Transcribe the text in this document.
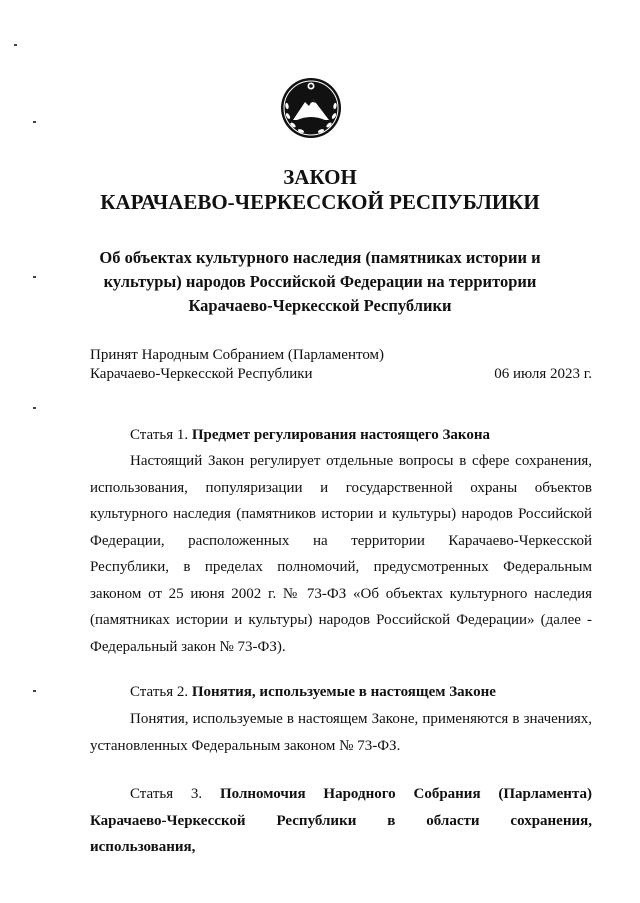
ЗАКОН
КАРАЧАЕВО-ЧЕРКЕССКОЙ РЕСПУБЛИКИ
Об объектах культурного наследия (памятниках истории и культуры) народов Российской Федерации на территории Карачаево-Черкесской Республики
Принят Народным Собранием (Парламентом)
Карачаево-Черкесской Республики	06 июля 2023 г.
Статья 1. Предмет регулирования настоящего Закона
Настоящий Закон регулирует отдельные вопросы в сфере сохранения, использования, популяризации и государственной охраны объектов культурного наследия (памятников истории и культуры) народов Российской Федерации, расположенных на территории Карачаево-Черкесской Республики, в пределах полномочий, предусмотренных Федеральным законом от 25 июня 2002 г. № 73-ФЗ «Об объектах культурного наследия (памятниках истории и культуры) народов Российской Федерации» (далее - Федеральный закон № 73-ФЗ).
Статья 2. Понятия, используемые в настоящем Законе
Понятия, используемые в настоящем Законе, применяются в значениях, установленных Федеральным законом № 73-ФЗ.
Статья 3. Полномочия Народного Собрания (Парламента) Карачаево-Черкесской Республики в области сохранения, использования,
